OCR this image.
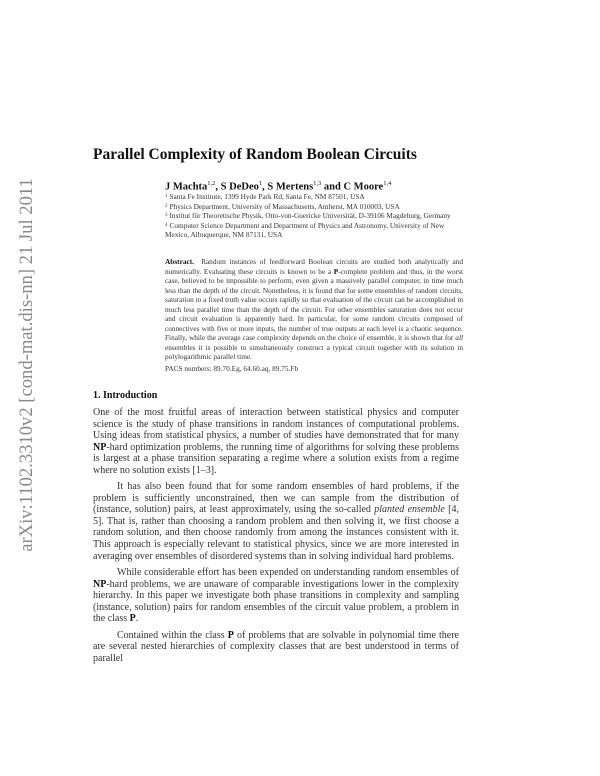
arXiv:1102.3310v2 [cond-mat.dis-nn] 21 Jul 2011
Parallel Complexity of Random Boolean Circuits
J Machta$^{1,2}$, S DeDeo$^1$, S Mertens$^{1,3}$ and C Moore$^{1,4}$

$^1$ Santa Fe Institute, 1399 Hyde Park Rd, Santa Fe, NM 87501, USA

$^2$ Physics Department, University of Massachusetts, Amherst, MA 010003, USA

$^3$ Institut für Theoretische Physik, Otto-von-Guericke Universität, D-39106 Magdeburg, Germany

$^4$ Computer Science Department and Department of Physics and Astronomy, University of New Mexico, Albuquerque, NM 87131, USA

Abstract. Random instances of feedforward Boolean circuits are studied both analytically and numerically. Evaluating these circuits is known to be a P-complete problem and thus, in the worst case, believed to be impossible to perform, even given a massively parallel computer, in time much less than the depth of the circuit. Nonetheless, it is found that for some ensembles of random circuits, saturation to a fixed truth value occurs rapidly so that evaluation of the circuit can be accomplished in much less parallel time than the depth of the circuit. For other ensembles saturation does not occur and circuit evaluation is apparently hard. In particular, for some random circuits composed of connectives with five or more inputs, the number of true outputs at each level is a chaotic sequence. Finally, while the average case complexity depends on the choice of ensemble, it is shown that for all ensembles it is possible to simultaneously construct a typical circuit together with its solution in polylogarithmic parallel time.

PACS numbers: 89.70.Eg, 64.60.aq, 89.75.Fb
1. Introduction

One of the most fruitful areas of interaction between statistical physics and computer science is the study of phase transitions in random instances of computational problems. Using ideas from statistical physics, a number of studies have demonstrated that for many NP-hard optimization problems, the running time of algorithms for solving these problems is largest at a phase transition separating a regime where a solution exists from a regime where no solution exists [1–3].

It has also been found that for some random ensembles of hard problems, if the problem is sufficiently unconstrained, then we can sample from the distribution of (instance, solution) pairs, at least approximately, using the so-called planted ensemble [4, 5]. That is, rather than choosing a random problem and then solving it, we first choose a random solution, and then choose randomly from among the instances consistent with it. This approach is especially relevant to statistical physics, since we are more interested in averaging over ensembles of disordered systems than in solving individual hard problems.

While considerable effort has been expended on understanding random ensembles of NP-hard problems, we are unaware of comparable investigations lower in the complexity hierarchy. In this paper we investigate both phase transitions in complexity and sampling (instance, solution) pairs for random ensembles of the circuit value problem, a problem in the class P.

Contained within the class P of problems that are solvable in polynomial time there are several nested hierarchies of complexity classes that are best understood in terms of parallel
